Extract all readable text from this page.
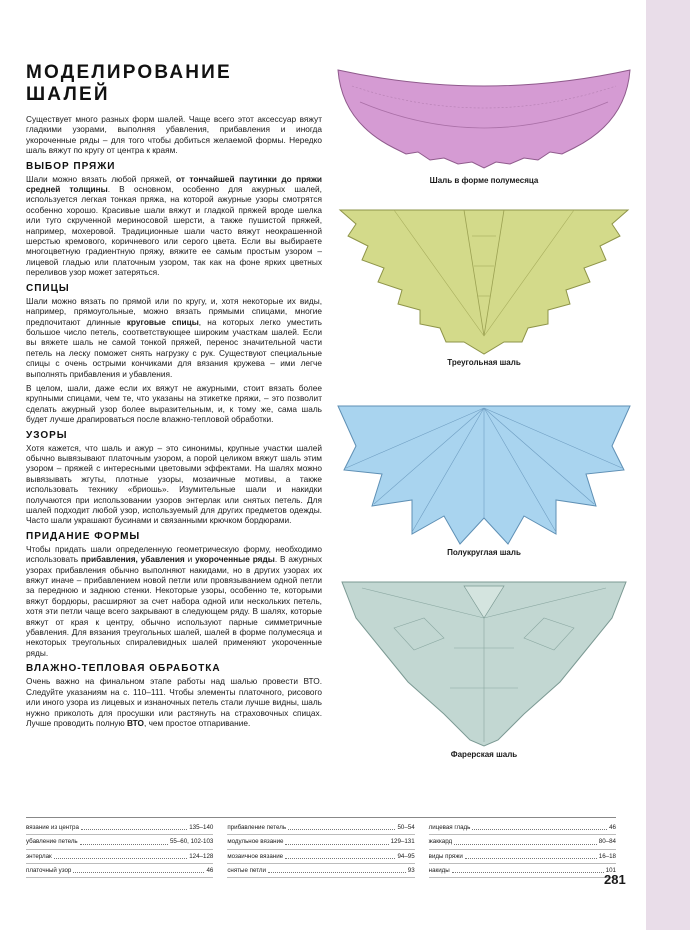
МОДЕЛИРОВАНИЕ ШАЛЕЙ

Существует много разных форм шалей. Чаще всего этот аксессуар вяжут гладкими узорами, выполняя убавления, прибавления и иногда укороченные ряды – для того чтобы добиться желаемой формы. Нередко шаль вяжут по кругу от центра к краям.

ВЫБОР ПРЯЖИ

Шали можно вязать любой пряжей, от тончайшей паутинки до пряжи средней толщины. В основном, особенно для ажурных шалей, используется легкая тонкая пряжа, на которой ажурные узоры смотрятся особенно хорошо. Красивые шали вяжут и гладкой пряжей вроде шелка или туго скрученной мериносовой шерсти, а также пушистой пряжей, например, мохеровой. Традиционные шали часто вяжут неокрашенной шерстью кремового, коричневого или серого цвета. Если вы выбираете многоцветную градиентную пряжу, вяжите ее самым простым узором – лицевой гладью или платочным узором, так как на фоне ярких цветных переливов узор может затеряться.

СПИЦЫ

Шали можно вязать по прямой или по кругу, и, хотя некоторые их виды, например, прямоугольные, можно вязать прямыми спицами, многие предпочитают длинные круговые спицы, на которых легко уместить большое число петель, соответствующее широким участкам шалей. Если вы вяжете шаль не самой тонкой пряжей, перенос значительной части петель на леску поможет снять нагрузку с рук. Существуют специальные спицы с очень острыми кончиками для вязания кружева – ими легче выполнять прибавления и убавления.

В целом, шали, даже если их вяжут не ажурными, стоит вязать более крупными спицами, чем те, что указаны на этикетке пряжи, – это позволит сделать ажурный узор более выразительным, и, к тому же, сама шаль будет лучше драпироваться после влажно-тепловой обработки.

УЗОРЫ

Хотя кажется, что шаль и ажур – это синонимы, крупные участки шалей обычно вывязывают платочным узором, а порой целиком вяжут шаль этим узором – пряжей с интересными цветовыми эффектами. На шалях можно вывязывать жгуты, плотные узоры, мозаичные мотивы, а также использовать технику «бриошь». Изумительные шали и накидки получаются при использовании узоров энтерлак или снятых петель. Для шалей подходит любой узор, используемый для других предметов одежды. Часто шали украшают бусинами и связанными крючком бордюрами.

ПРИДАНИЕ ФОРМЫ

Чтобы придать шали определенную геометрическую форму, необходимо использовать прибавления, убавления и укороченные ряды. В ажурных узорах прибавления обычно выполняют накидами, но в других узорах их вяжут иначе – прибавлением новой петли или провязыванием одной петли за переднюю и заднюю стенки. Некоторые узоры, особенно те, которыми вяжут бордюры, расширяют за счет набора одной или нескольких петель, хотя эти петли чаще всего закрывают в следующем ряду. В шалях, которые вяжут от края к центру, обычно используют парные симметричные убавления. Для вязания треугольных шалей, шалей в форме полумесяца и некоторых треугольных спиралевидных шалей применяют укороченные ряды.

ВЛАЖНО-ТЕПЛОВАЯ ОБРАБОТКА

Очень важно на финальном этапе работы над шалью провести ВТО. Следуйте указаниям на с. 110–111. Чтобы элементы платочного, рисового или иного узора из лицевых и изнаночных петель стали лучше видны, шаль нужно приколоть для просушки или растянуть на страховочных спицах. Лучше проводить полную ВТО, чем простое отпаривание.

Шаль в форме полумесяца
Треугольная шаль
Полукруглая шаль
Фарерская шаль
вязание из центра	135–140
убавление петель	55–60, 102-103
энтерлак	124–128
платочный узор	46
прибавление петель	50–54
модульное вязание	129–131
мозаичное вязание	94–95
снятые петли	93
лицевая гладь	46
жаккард	80–84
виды пряжи	16–18
накиды	101
281
